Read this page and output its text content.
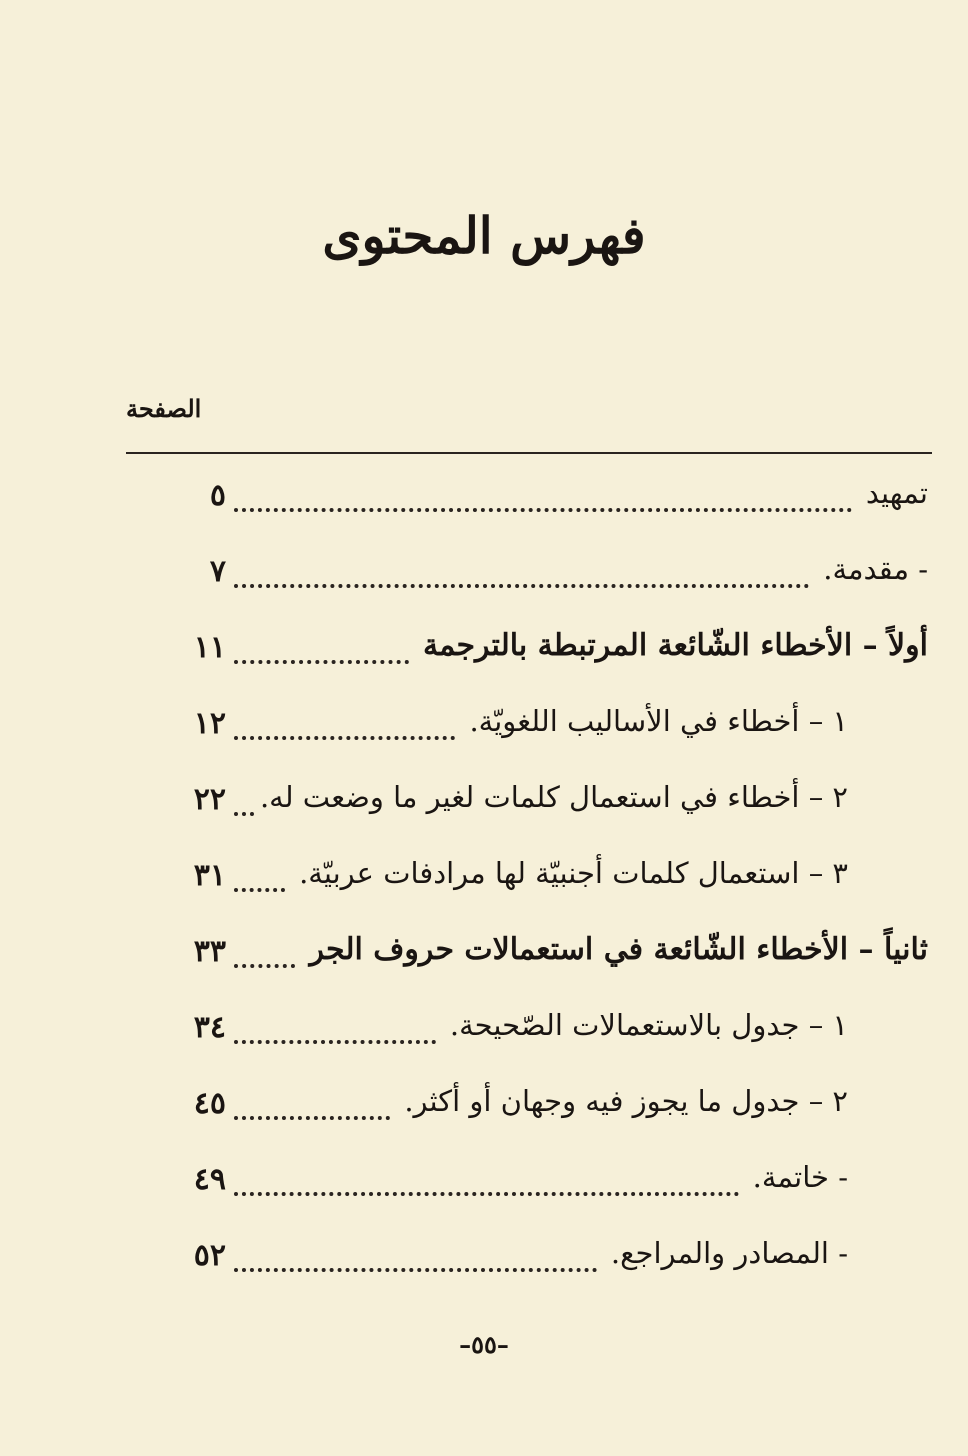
فهرس المحتوى
الصفحة
تمهيد
٥
- مقدمة.
٧
أولاً – الأخطاء الشّائعة المرتبطة بالترجمة
١١
١ – أخطاء في الأساليب اللغويّة.
١٢
٢ – أخطاء في استعمال كلمات لغير ما وضعت له.
٢٢
٣ – استعمال كلمات أجنبيّة لها مرادفات عربيّة.
٣١
ثانياً – الأخطاء الشّائعة في استعمالات حروف الجر
٣٣
١ – جدول بالاستعمالات الصّحيحة.
٣٤
٢ – جدول ما يجوز فيه وجهان أو أكثر.
٤٥
- خاتمة.
٤٩
- المصادر والمراجع.
٥٢
–٥٥–
